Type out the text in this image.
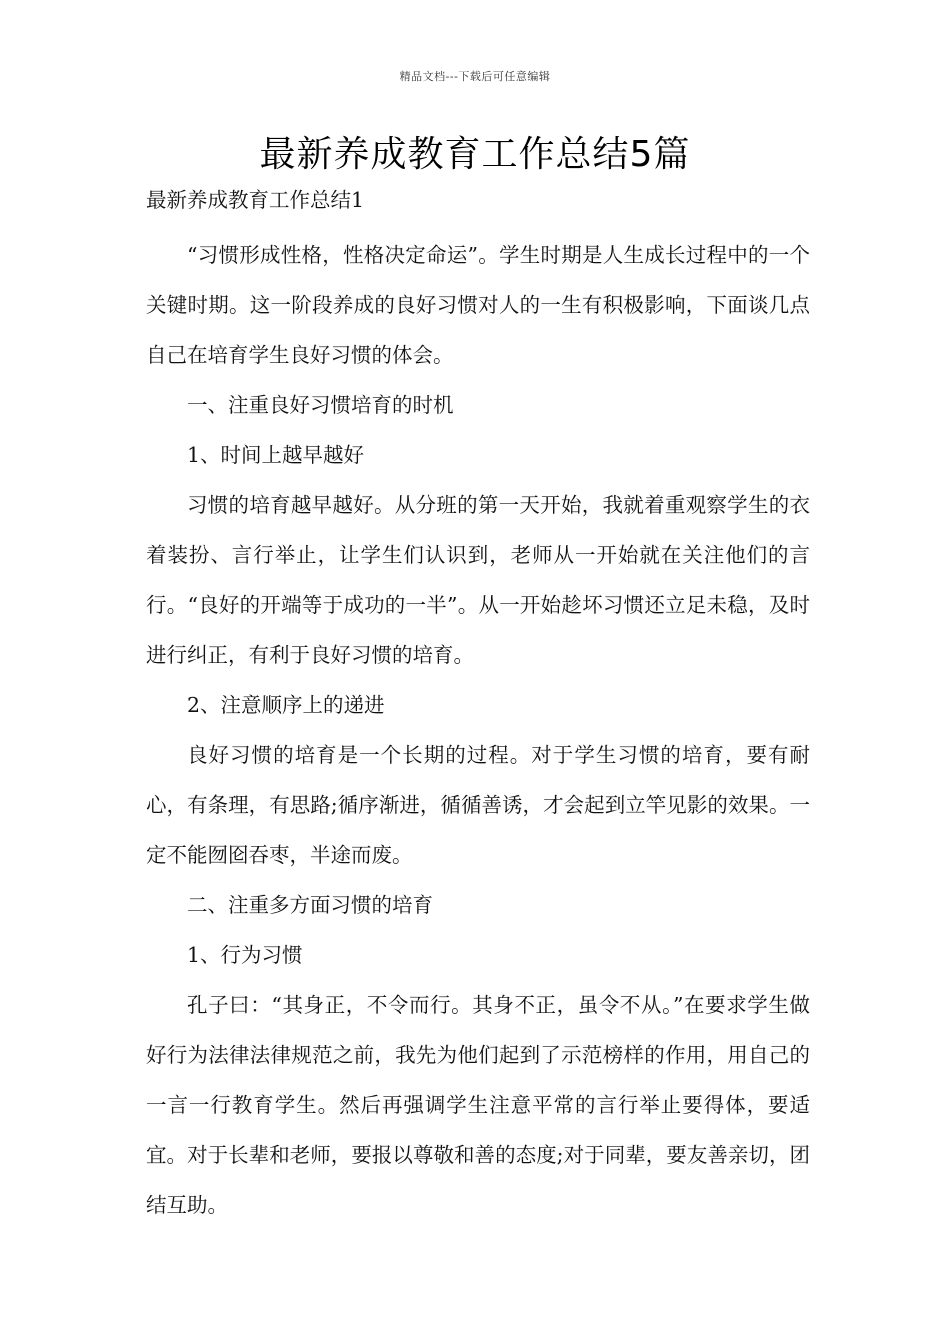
精品文档---下载后可任意编辑
最新养成教育工作总结5篇

最新养成教育工作总结1

“习惯形成性格，性格决定命运”。学生时期是人生成长过程中的一个关键时期。这一阶段养成的良好习惯对人的一生有积极影响，下面谈几点自己在培育学生良好习惯的体会。

一、注重良好习惯培育的时机

1、时间上越早越好

习惯的培育越早越好。从分班的第一天开始，我就着重观察学生的衣着装扮、言行举止，让学生们认识到，老师从一开始就在关注他们的言行。“良好的开端等于成功的一半”。从一开始趁坏习惯还立足未稳，及时进行纠正，有利于良好习惯的培育。

2、注意顺序上的递进

良好习惯的培育是一个长期的过程。对于学生习惯的培育，要有耐心，有条理，有思路;循序渐进，循循善诱，才会起到立竿见影的效果。一定不能囫囵吞枣，半途而废。

二、注重多方面习惯的培育

1、行为习惯

孔子曰：“其身正，不令而行。其身不正，虽令不从。”在要求学生做好行为法律法律规范之前，我先为他们起到了示范榜样的作用，用自己的一言一行教育学生。然后再强调学生注意平常的言行举止要得体，要适宜。对于长辈和老师，要报以尊敬和善的态度;对于同辈，要友善亲切，团结互助。
